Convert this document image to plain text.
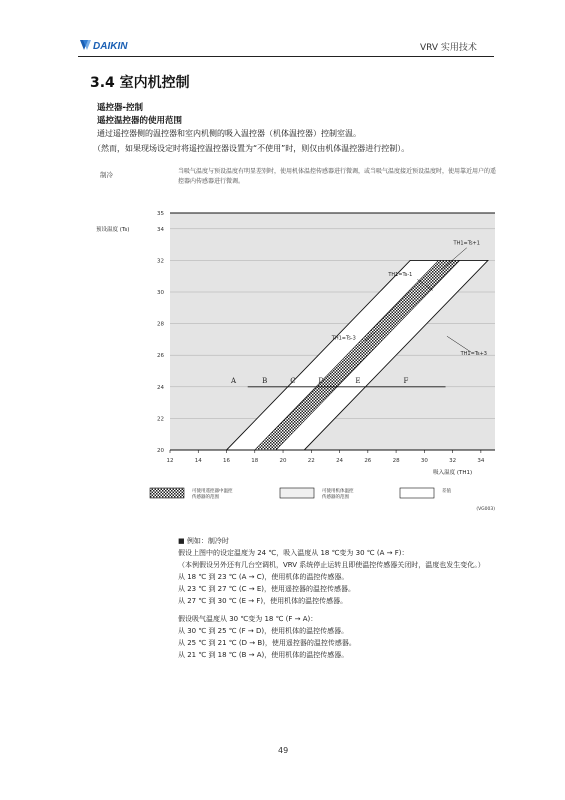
DAIKIN	VRV 实用技术
3.4 室内机控制
遥控器-控制
遥控温控器的使用范围
通过遥控器侧的温控器和室内机侧的吸入温控器（机体温控器）控制室温。
（然而，如果现场设定时将遥控温控器设置为“不使用”时，则仅由机体温控器进行控制）。
制冷	当吸气温度与预设温度有明显差别时，使用机体温控传感器进行微调，或当吸气温度接近预设温度时，使用靠近用户的遥控器内传感器进行微调。
20
22
24
26
28
30
32
34
35
12	14	16	18	20	22	24	26	28	30	32	34
预设温度 (Ts)
吸入温度 (TH1)
A	B	C	D	E	F
TH1=Ts+1
TH1=Ts-1
TH1=Ts-3
TH1=Ts+3
可使用遥控器中温控
传感器的范围
可使用机体温控
传感器的范围
差值
(VG003)
■ 例如：制冷时
假设上图中的设定温度为 24 ℃，吸入温度从 18 ℃变为 30 ℃ (A → F)：
（本例假设另外还有几台空调机，VRV 系统停止运转且即使温控传感器关闭时，温度也发生变化。）
从 18 ℃ 到 23 ℃ (A → C)，使用机体的温控传感器。
从 23 ℃ 到 27 ℃ (C → E)，使用遥控器的温控传感器。
从 27 ℃ 到 30 ℃ (E → F)，使用机体的温控传感器。
假设吸气温度从 30 ℃变为 18 ℃ (F → A)：
从 30 ℃ 到 25 ℃ (F → D)，使用机体的温控传感器。
从 25 ℃ 到 21 ℃ (D → B)，使用遥控器的温控传感器。
从 21 ℃ 到 18 ℃ (B → A)，使用机体的温控传感器。
49
